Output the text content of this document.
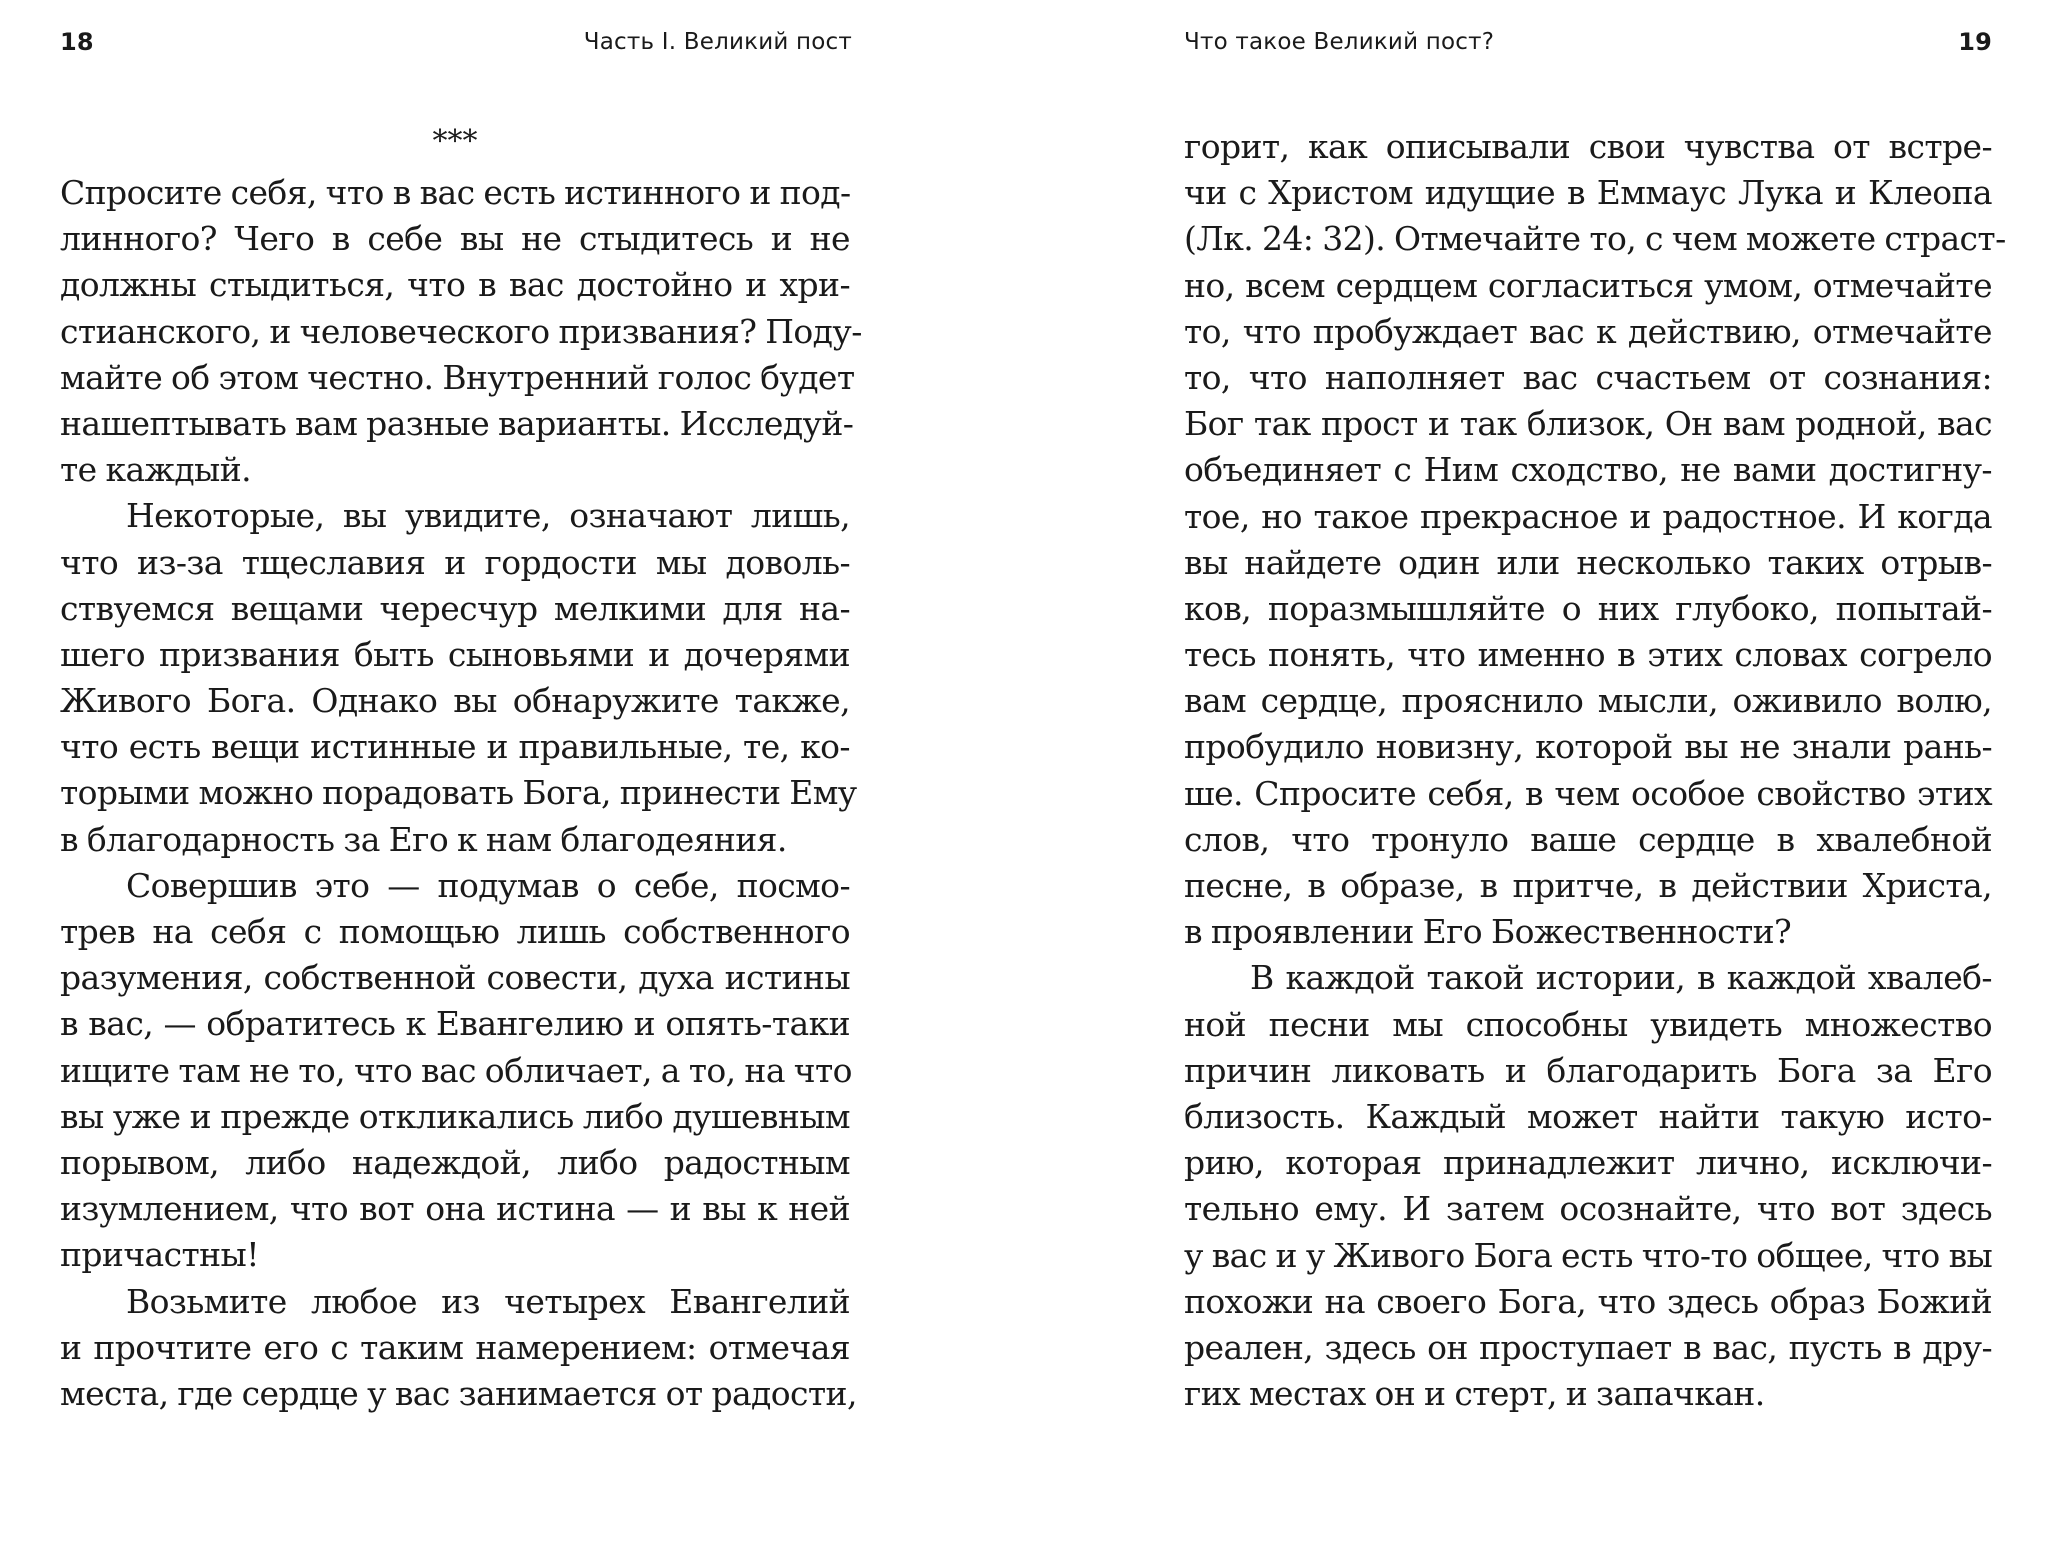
18	Часть I. Великий пост
***
Спросите себя, что в вас есть истинного и под-
линного? Чего в себе вы не стыдитесь и не
должны стыдиться, что в вас достойно и хри-
стианского, и человеческого призвания? Поду-
майте об этом честно. Внутренний голос будет
нашептывать вам разные варианты. Исследуй-
те каждый.
Некоторые, вы увидите, означают лишь,
что из-за тщеславия и гордости мы доволь-
ствуемся вещами чересчур мелкими для на-
шего призвания быть сыновьями и дочерями
Живого Бога. Однако вы обнаружите также,
что есть вещи истинные и правильные, те, ко-
торыми можно порадовать Бога, принести Ему
в благодарность за Его к нам благодеяния.
Совершив это — подумав о себе, посмо-
трев на себя с помощью лишь собственного
разумения, собственной совести, духа истины
в вас, — обратитесь к Евангелию и опять-таки
ищите там не то, что вас обличает, а то, на что
вы уже и прежде откликались либо душевным
порывом, либо надеждой, либо радостным
изумлением, что вот она истина — и вы к ней
причастны!
Возьмите любое из четырех Евангелий
и прочтите его с таким намерением: отмечая
места, где сердце у вас занимается от радости,
Что такое Великий пост?	19
горит, как описывали свои чувства от встре-
чи с Христом идущие в Еммаус Лука и Клеопа
(Лк. 24: 32). Отмечайте то, с чем можете страст-
но, всем сердцем согласиться умом, отмечайте
то, что пробуждает вас к действию, отмечайте
то, что наполняет вас счастьем от сознания:
Бог так прост и так близок, Он вам родной, вас
объединяет с Ним сходство, не вами достигну-
тое, но такое прекрасное и радостное. И когда
вы найдете один или несколько таких отрыв-
ков, поразмышляйте о них глубоко, попытай-
тесь понять, что именно в этих словах согрело
вам сердце, прояснило мысли, оживило волю,
пробудило новизну, которой вы не знали рань-
ше. Спросите себя, в чем особое свойство этих
слов, что тронуло ваше сердце в хвалебной
песне, в образе, в притче, в действии Христа,
в проявлении Его Божественности?
В каждой такой истории, в каждой хвалеб-
ной песни мы способны увидеть множество
причин ликовать и благодарить Бога за Его
близость. Каждый может найти такую исто-
рию, которая принадлежит лично, исключи-
тельно ему. И затем осознайте, что вот здесь
у вас и у Живого Бога есть что-то общее, что вы
похожи на своего Бога, что здесь образ Божий
реален, здесь он проступает в вас, пусть в дру-
гих местах он и стерт, и запачкан.
